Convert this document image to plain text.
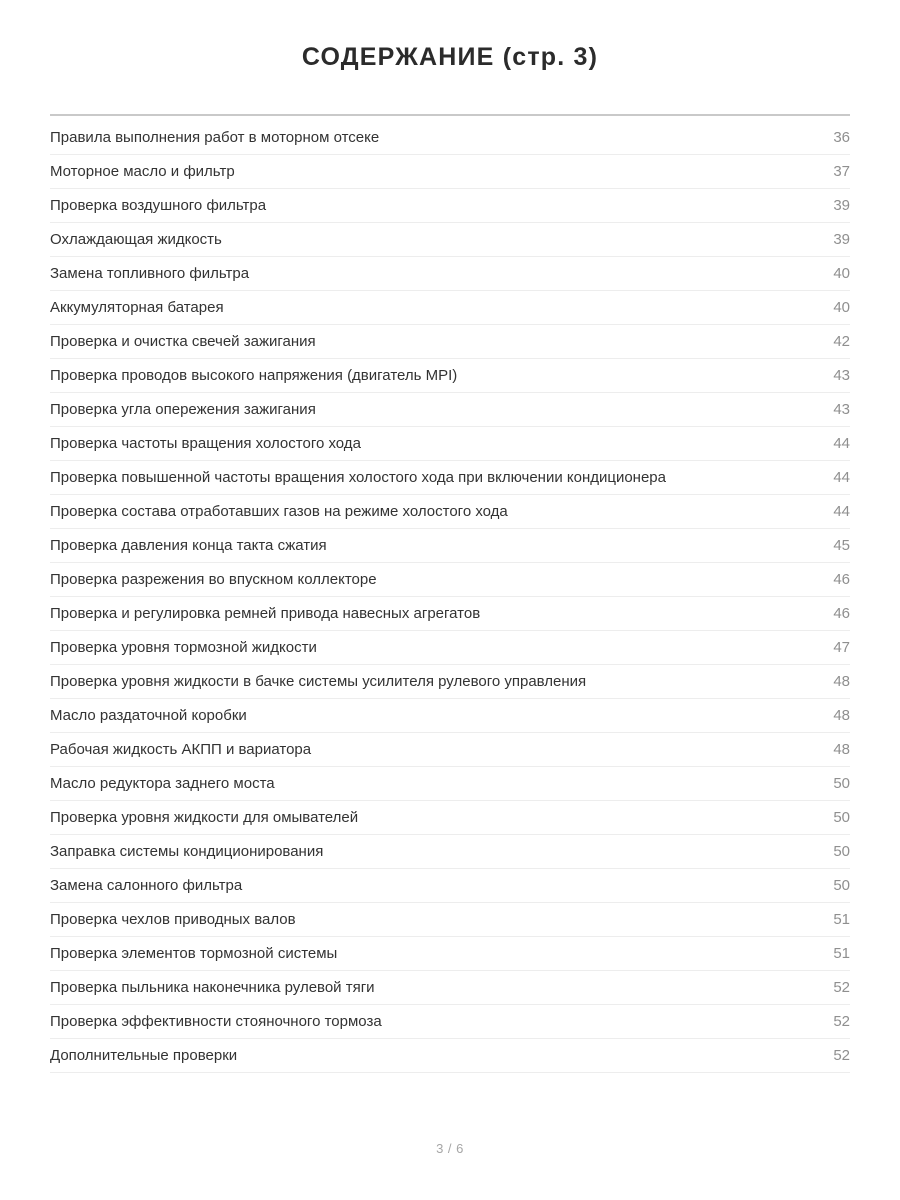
СОДЕРЖАНИЕ (стр. 3)
Правила выполнения работ в моторном отсеке	36
Моторное масло и фильтр	37
Проверка воздушного фильтра	39
Охлаждающая жидкость	39
Замена топливного фильтра	40
Аккумуляторная батарея	40
Проверка и очистка свечей зажигания	42
Проверка проводов высокого напряжения (двигатель MPI)	43
Проверка угла опережения зажигания	43
Проверка частоты вращения холостого хода	44
Проверка повышенной частоты вращения холостого хода при включении кондиционера	44
Проверка состава отработавших газов на режиме холостого хода	44
Проверка давления конца такта сжатия	45
Проверка разрежения во впускном коллекторе	46
Проверка и регулировка ремней привода навесных агрегатов	46
Проверка уровня тормозной жидкости	47
Проверка уровня жидкости в бачке системы усилителя рулевого управления	48
Масло раздаточной коробки	48
Рабочая жидкость АКПП и вариатора	48
Масло редуктора заднего моста	50
Проверка уровня жидкости для омывателей	50
Заправка системы кондиционирования	50
Замена салонного фильтра	50
Проверка чехлов приводных валов	51
Проверка элементов тормозной системы	51
Проверка пыльника наконечника рулевой тяги	52
Проверка эффективности стояночного тормоза	52
Дополнительные проверки	52
3 / 6
